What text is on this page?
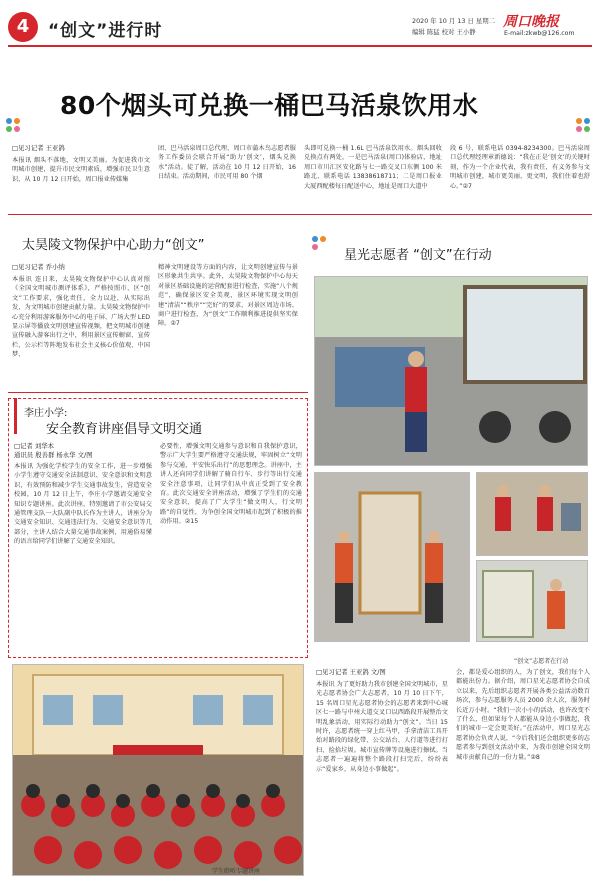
4	“创文”进行时	2020 年 10 月 13 日 星期二
编辑 陈猛 校对 王小静
周口晚报
E-mail:zkwb@126.com
80个烟头可兑换一桶巴马活泉饮用水
□见习记者 王亚鸽
本报讯 烟头不落地，文明又美丽。为促进我市文明城市创建，提升市民文明素质，增强市民卫生意识，从 10 月 12 日开始，周口报业传媒集
团、巴马活泉周口总代理、周口市蒲木鸟志愿者服务工作委员会联合开展“助力‘创文’，烟头兑换水”活动。徒了解，活动在 10 月 12 日开始，16日结束。活动期间，市民可用 80 个烟
头即可兑换一桶 1.6L 巴马活泉饮用水。烟头回收兑换点有两处，一是巴马活泉(周口)体验店，地址周口市川汇区安化路与七一路交叉口东侧 100 米路北，联系电话 13838618711；二是周口报业大厦西配楼每日配送中心，地址是周口大道中
段 6 号，联系电话 0394-8234300。巴马活泉周口总代理经理章新德说：“我在正是‘创文’的关键时刻，作为一个企业代表，我有责任，有义务参与文明城市创建，城市更美丽，更文明，我们住着也舒心。”②7
太昊陵文物保护中心助力“创文”
□见习记者 乔小纳
本报讯 连日来，太昊陵文物保护中心认真对照《全国文明城市测评体系》，严格按照市、区“创文”工作要求，强化责任，全力以赴，从实际出发，为文明城市创建贡献力量。太昊陵文物保护中心充分利用游客服务中心的电子屏、广场大型 LED 显示屏等播放文明创建宣传视频，把文明城市创建宣传融入游客出行之中，利用景区宣传橱窗、宣传栏、公示栏等阵地发布社会主义核心价值观、中国梦、
精神文明建设等方面的内容，让文明创建宣传与景区形象共生共享。此外，太昊陵文物保护中心每天对景区基础设施的运营配套进行检查，实施“八个规范”，确保景区安全美观，景区环境实现文明创建“清洁”“秩序”“完好”的要求，对景区周边市场、商户进行检查，为“创文”工作顺利推进提供坚实保障。②7
星光志愿者 “创文”在行动
“创文”志愿者在行动
□见习记者 王亚鸽 文/图
本报讯 为了更好助力我市创建全国文明城市，星光志愿者协会广大志愿者，10 月 10 日下午，15 名周口星光志愿者协会的志愿者来到中心城区七一路与中州大道交叉口以西路段开展整治文明乱象活动，用实际行动助力“创文”。当日 15 时许，志愿者统一穿上红马甲，手拿清洁工具开始对路段的绿化带、公交站台、人行道等进行打扫，捡拾垃圾。城市宣传牌等设施进行擦拭。当志愿者一遍遍将整个路段打扫完后，纷纷表示“爱家乡，从身边小事做起”。
会，都是爱心组织的人，为了创文，我们每个人都能出份力。据介绍，周口星光志愿者协会自成立以来，先后组织志愿者开展各类公益活动数百场次，参与志愿服务人员 2000 余人次，服务时长近万小时。“我们一次小小的活动，也许改变不了什么，但如果每个人都能从身边小事做起，我们的城市一定会更美好。”在活动中，周口星光志愿者协会负责人说，“今后我们还会组织更多的志愿者参与到创文活动中来，为我市创建全国文明城市贡献自己的一份力量。”②8
李庄小学:
安全教育讲座倡导文明交通
□记者 刘华本
通讯员 殷善群 杨永华 文/图
本报讯 为强化学校学生的安全工作，进一步增强小学生遵守交通安全法制意识、安全意识和文明意识，有效预防和减少学生交通事故发生，营造安全校园，10 月 12 日上午，李庄小学邀请交通安全知识专题讲座。此次讲座，特别邀请了市公安局交通管理支队一大队副中队长作为主讲人，讲座分为交通安全知识、交通违法行为、交通安全意识等几部分，主讲人结合大量交通事故案例，用通俗易懂的语言给同学们讲解了交通安全知识。
必要性，增强文明交通参与意识和自我保护意识，警示广大学生要严格遵守交通法规，牢固树立“文明参与交通，平安快乐出行”的思想理念。讲座中，主讲人还向同学们讲解了骑自行车、步行等出行交通安全注意事项，让同学们从中真正受到了安全教育。此次交通安全讲座活动，增强了学生们的交通安全意识，提高了广大学生“做文明人，行文明路”的自觉性，为争创全国文明城市起到了积极的推动作用。②15
学生聆听专题讲座
